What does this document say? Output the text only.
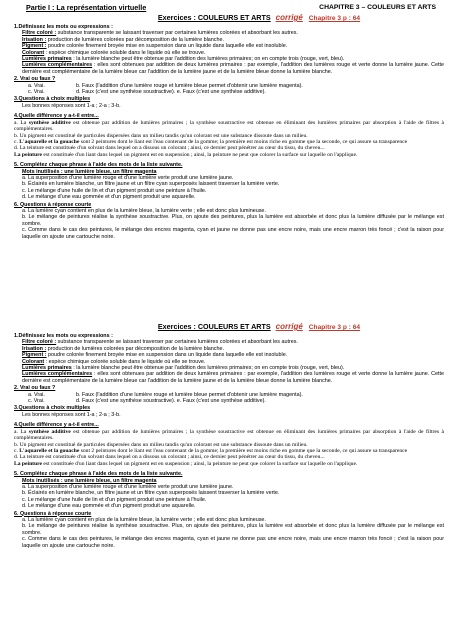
Partie I : La représentation virtuelle	CHAPITRE 3 – COULEURS ET ARTS
Exercices : COULEURS ET ARTS corrigé Chapitre 3 p : 64
1.Définissez les mots ou expressions :
Filtre coloré : substance transparente se laissant traverser par certaines lumières colorées et absorbant les autres.
Irisation : production de lumières colorées par décomposition de la lumière blanche.
Pigment : poudre colorée finement broyée mise en suspension dans un liquide dans laquelle elle est insoluble.
Colorant : espèce chimique colorée soluble dans le liquide où elle se trouve.
Lumières primaires : la lumière blanche peut être obtenue par l'addition des lumières primaires; on en compte trois (rouge, vert, bleu).
Lumières complémentaires : elles sont obtenues par addition de deux lumières primaires : par exemple, l'addition des lumières rouge et verte donne la lumière jaune. Cette dernière est complémentaire de la lumière bleue car l'addition de la lumière jaune et de la lumière bleue donne la lumière blanche.
2. Vrai ou faux ?
a. Vrai.	b. Faux (l'addition d'une lumière rouge et lumière bleue permet d'obtenir une lumière magenta).
c. Vrai.	d. Faux (c'est une synthèse soustractive). e. Faux (c'est une synthèse additive).
3.Questions à choix multiples
Les bonnes réponses sont 1-a ; 2-a ; 3-b.
4.Quelle différence y a-t-il entre...
a. La synthèse additive est obtenue par addition de lumières primaires ; la synthèse soustractive est obtenue en éliminant des lumières primaires par absorption à l'aide de filtres à complémentaires.
b. Un pigment est constitué de particules dispersées dans un milieu tandis qu'un colorant est une substance dissoute dans un milieu.
c. L'aquarelle et la gouache sont 2 peintures dont le liant est l'eau contenant de la gomme; la première est moins riche en gomme que la seconde, ce qui assure sa transparence
d. La teinture est constituée d'un solvant dans lequel on a dissous un colorant ; ainsi, ce dernier peut pénétrer au cœur du tissu, du cheveu...
La peinture est constituée d'un liant dans lequel un pigment est en suspension ; ainsi, la peinture ne peut que colorer la surface sur laquelle on l'applique.
5. Complétez chaque phrase à l'aide des mots de la liste suivante.
Mots inutilisés : une lumière bleue, un filtre magenta
a. La superposition d'une lumière rouge et d'une lumière verte produit une lumière jaune.
b. Éclairés en lumière blanche, un filtre jaune et un filtre cyan superposés laissent traverser la lumière verte.
c. Le mélange d'une huile de lin et d'un pigment produit une peinture à l'huile.
d. Le mélange d'une eau gommée et d'un pigment produit une aquarelle.
6. Questions à réponse courte
a. La lumière cyan contient en plus de la lumière bleue, la lumière verte ; elle est donc plus lumineuse.
b. Le mélange de peintures réalise la synthèse soustractive. Plus, on ajoute des peintures, plus la lumière est absorbée et donc plus la lumière diffusée par le mélange est sombre.
c. Comme dans le cas des peintures, le mélange des encres magenta, cyan et jaune ne donne pas une encre noire, mais une encre marron très foncé ; c'est la raison pour laquelle on ajoute une cartouche noire.
Exercices : COULEURS ET ARTS corrigé Chapitre 3 p : 64
1.Définissez les mots ou expressions :
Filtre coloré : substance transparente se laissant traverser par certaines lumières colorées et absorbant les autres.
Irisation : production de lumières colorées par décomposition de la lumière blanche.
Pigment : poudre colorée finement broyée mise en suspension dans un liquide dans laquelle elle est insoluble.
Colorant : espèce chimique colorée soluble dans le liquide où elle se trouve.
Lumières primaires : la lumière blanche peut être obtenue par l'addition des lumières primaires; on en compte trois (rouge, vert, bleu).
Lumières complémentaires : elles sont obtenues par addition de deux lumières primaires : par exemple, l'addition des lumières rouge et verte donne la lumière jaune. Cette dernière est complémentaire de la lumière bleue car l'addition de la lumière jaune et de la lumière bleue donne la lumière blanche.
2. Vrai ou faux ?
a. Vrai.	b. Faux (l'addition d'une lumière rouge et lumière bleue permet d'obtenir une lumière magenta).
c. Vrai.	d. Faux (c'est une synthèse soustractive). e. Faux (c'est une synthèse additive).
3.Questions à choix multiples
Les bonnes réponses sont 1-a ; 2-a ; 3-b.
4.Quelle différence y a-t-il entre...
a. La synthèse additive est obtenue par addition de lumières primaires ; la synthèse soustractive est obtenue en éliminant des lumières primaires par absorption à l'aide de filtres à complémentaires.
b. Un pigment est constitué de particules dispersées dans un milieu tandis qu'un colorant est une substance dissoute dans un milieu.
c. L'aquarelle et la gouache sont 2 peintures dont le liant est l'eau contenant de la gomme; la première est moins riche en gomme que la seconde, ce qui assure sa transparence
d. La teinture est constituée d'un solvant dans lequel on a dissous un colorant ; ainsi, ce dernier peut pénétrer au cœur du tissu, du cheveu...
La peinture est constituée d'un liant dans lequel un pigment est en suspension ; ainsi, la peinture ne peut que colorer la surface sur laquelle on l'applique.
5. Complétez chaque phrase à l'aide des mots de la liste suivante.
Mots inutilisés : une lumière bleue, un filtre magenta
a. La superposition d'une lumière rouge et d'une lumière verte produit une lumière jaune.
b. Éclairés en lumière blanche, un filtre jaune et un filtre cyan superposés laissent traverser la lumière verte.
c. Le mélange d'une huile de lin et d'un pigment produit une peinture à l'huile.
d. Le mélange d'une eau gommée et d'un pigment produit une aquarelle.
6. Questions à réponse courte
a. La lumière cyan contient en plus de la lumière bleue, la lumière verte ; elle est donc plus lumineuse.
b. Le mélange de peintures réalise la synthèse soustractive. Plus, on ajoute des peintures, plus la lumière est absorbée et donc plus la lumière diffusée par le mélange est sombre.
c. Comme dans le cas des peintures, le mélange des encres magenta, cyan et jaune ne donne pas une encre noire, mais une encre marron très foncé ; c'est la raison pour laquelle on ajoute une cartouche noire.
